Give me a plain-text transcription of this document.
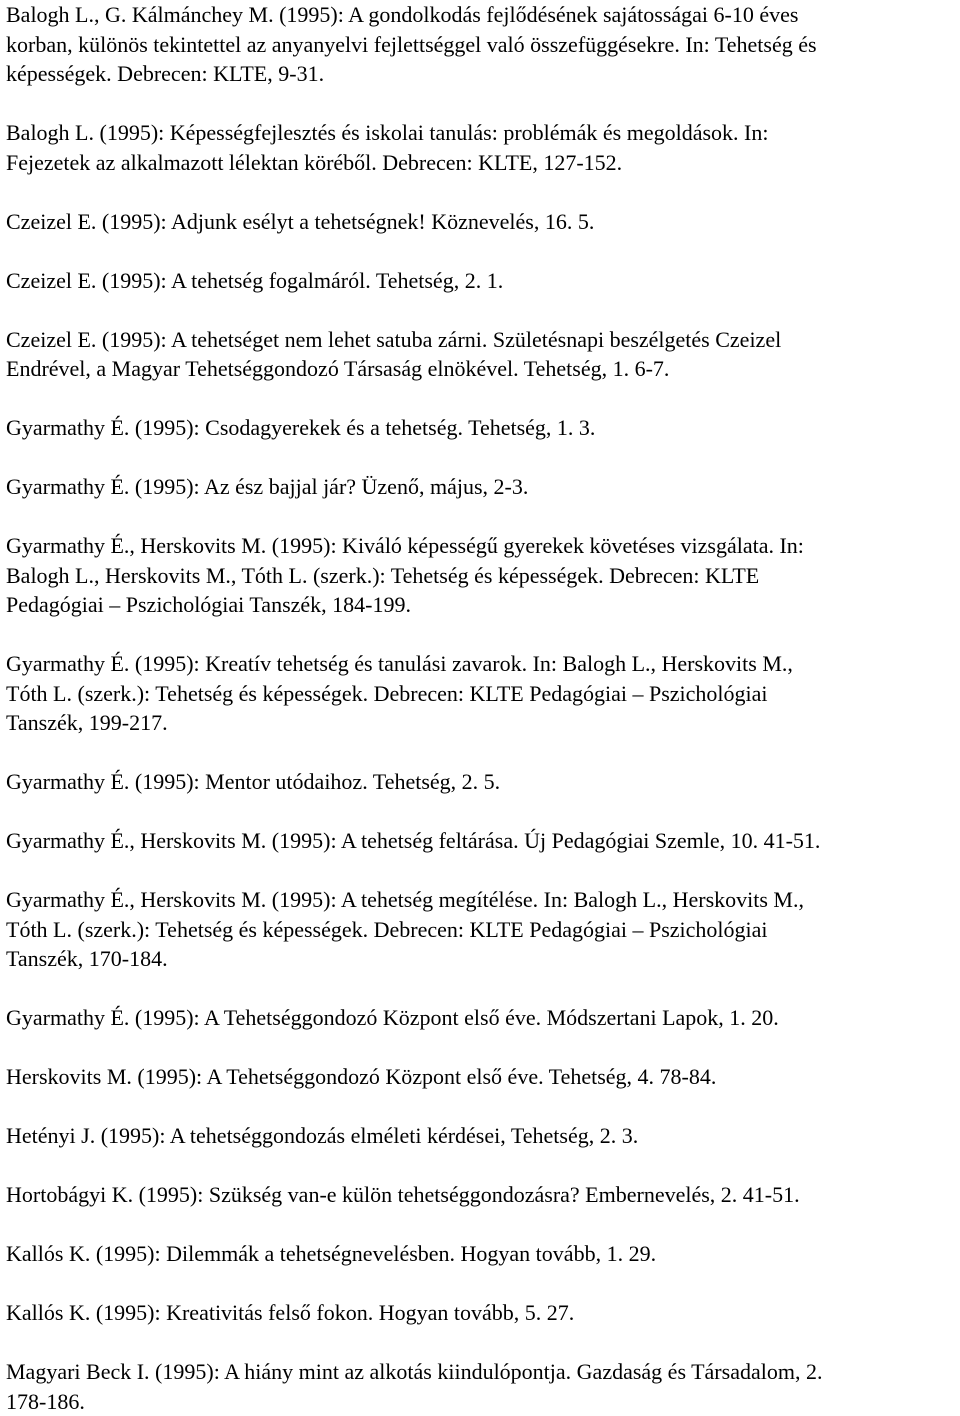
Balogh L., G. Kálmánchey M. (1995): A gondolkodás fejlődésének sajátosságai 6-10 éves
korban, különös tekintettel az anyanyelvi fejlettséggel való összefüggésekre. In: Tehetség és
képességek. Debrecen: KLTE, 9-31.
Balogh L. (1995): Képességfejlesztés és iskolai tanulás: problémák és megoldások. In:
Fejezetek az alkalmazott lélektan köréből. Debrecen: KLTE, 127-152.
Czeizel E. (1995): Adjunk esélyt a tehetségnek! Köznevelés, 16. 5.
Czeizel E. (1995): A tehetség fogalmáról. Tehetség, 2. 1.
Czeizel E. (1995): A tehetséget nem lehet satuba zárni. Születésnapi beszélgetés Czeizel
Endrével, a Magyar Tehetséggondozó Társaság elnökével. Tehetség, 1. 6-7.
Gyarmathy É. (1995): Csodagyerekek és a tehetség. Tehetség, 1. 3.
Gyarmathy É. (1995): Az ész bajjal jár? Üzenő, május, 2-3.
Gyarmathy É., Herskovits M. (1995): Kiváló képességű gyerekek követéses vizsgálata. In:
Balogh L., Herskovits M., Tóth L. (szerk.): Tehetség és képességek. Debrecen: KLTE
Pedagógiai – Pszichológiai Tanszék, 184-199.
Gyarmathy É. (1995): Kreatív tehetség és tanulási zavarok. In: Balogh L., Herskovits M.,
Tóth L. (szerk.): Tehetség és képességek. Debrecen: KLTE Pedagógiai – Pszichológiai
Tanszék, 199-217.
Gyarmathy É. (1995): Mentor utódaihoz. Tehetség, 2. 5.
Gyarmathy É., Herskovits M. (1995): A tehetség feltárása. Új Pedagógiai Szemle, 10. 41-51.
Gyarmathy É., Herskovits M. (1995): A tehetség megítélése. In: Balogh L., Herskovits M.,
Tóth L. (szerk.): Tehetség és képességek. Debrecen: KLTE Pedagógiai – Pszichológiai
Tanszék, 170-184.
Gyarmathy É. (1995): A Tehetséggondozó Központ első éve. Módszertani Lapok, 1. 20.
Herskovits M. (1995): A Tehetséggondozó Központ első éve. Tehetség, 4. 78-84.
Hetényi J. (1995): A tehetséggondozás elméleti kérdései, Tehetség, 2. 3.
Hortobágyi K. (1995): Szükség van-e külön tehetséggondozásra? Embernevelés, 2. 41-51.
Kallós K. (1995): Dilemmák a tehetségnevelésben. Hogyan tovább, 1. 29.
Kallós K. (1995): Kreativitás felső fokon. Hogyan tovább, 5. 27.
Magyari Beck I. (1995): A hiány mint az alkotás kiindulópontja. Gazdaság és Társadalom, 2.
178-186.
